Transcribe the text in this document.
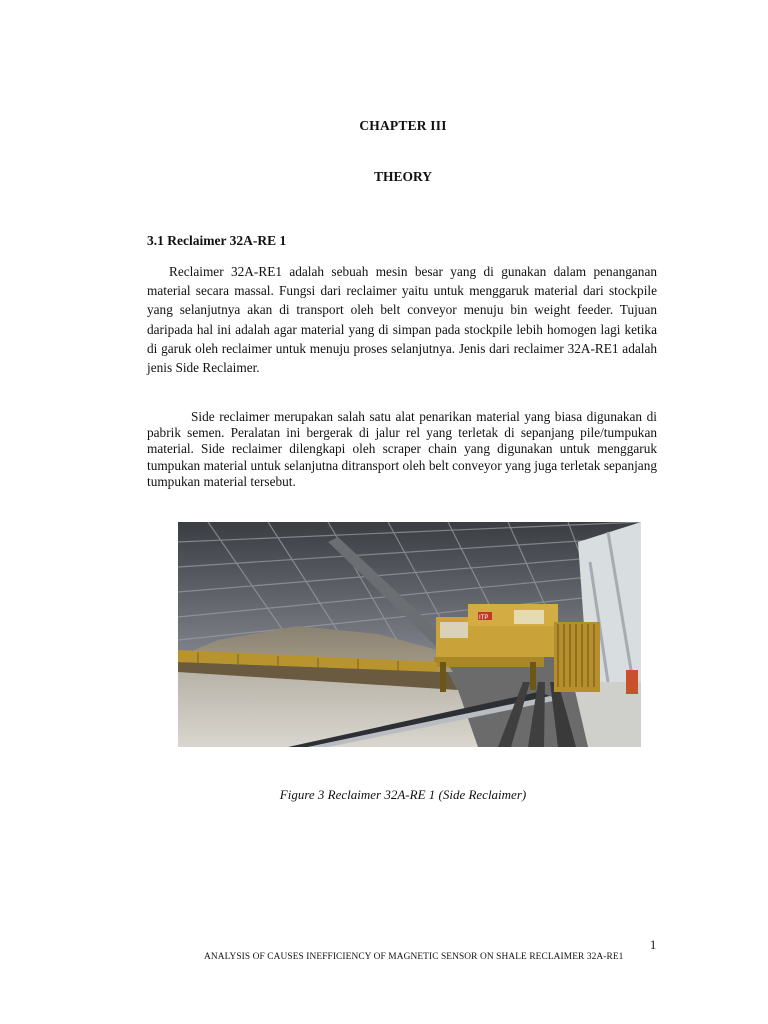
CHAPTER III
THEORY
3.1 Reclaimer 32A-RE 1

Reclaimer 32A-RE1 adalah sebuah mesin besar yang di gunakan dalam penanganan material secara massal. Fungsi dari reclaimer yaitu untuk menggaruk material dari stockpile yang selanjutnya akan di transport oleh belt conveyor menuju bin weight feeder. Tujuan daripada hal ini adalah agar material yang di simpan pada stockpile lebih homogen lagi ketika di garuk oleh reclaimer untuk menuju proses selanjutnya. Jenis dari reclaimer 32A-RE1 adalah jenis Side Reclaimer.

Side reclaimer merupakan salah satu alat penarikan material yang biasa digunakan di pabrik semen. Peralatan ini bergerak di jalur rel yang terletak di sepanjang pile/tumpukan material. Side reclaimer dilengkapi oleh scraper chain yang digunakan untuk menggaruk tumpukan material untuk selanjutna ditransport oleh belt conveyor yang juga terletak sepanjang tumpukan material tersebut.

ITP
Figure 3 Reclaimer 32A-RE 1 (Side Reclaimer)
1
ANALYSIS OF CAUSES INEFFICIENCY OF MAGNETIC SENSOR ON SHALE RECLAIMER 32A-RE1
